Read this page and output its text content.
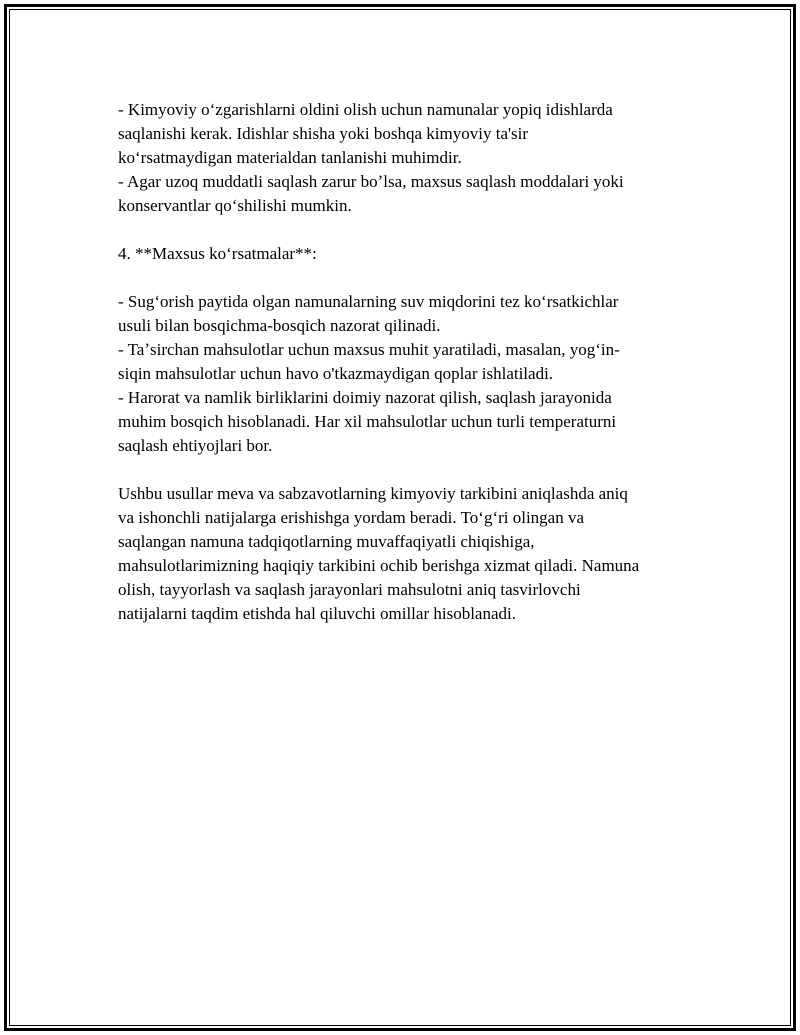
- Kimyoviy oʻzgarishlarni oldini olish uchun namunalar yopiq idishlarda
saqlanishi kerak. Idishlar shisha yoki boshqa kimyoviy ta'sir
koʻrsatmaydigan materialdan tanlanishi muhimdir.
- Agar uzoq muddatli saqlash zarur boʼlsa, maxsus saqlash moddalari yoki
konservantlar qoʻshilishi mumkin.
4. **Maxsus koʻrsatmalar**:
- Sugʻorish paytida olgan namunalarning suv miqdorini tez koʻrsatkichlar
usuli bilan bosqichma-bosqich nazorat qilinadi.
- Taʼsirchan mahsulotlar uchun maxsus muhit yaratiladi, masalan, yogʻin-
siqin mahsulotlar uchun havo o'tkazmaydigan qoplar ishlatiladi.
- Harorat va namlik birliklarini doimiy nazorat qilish, saqlash jarayonida
muhim bosqich hisoblanadi. Har xil mahsulotlar uchun turli temperaturni
saqlash ehtiyojlari bor.
Ushbu usullar meva va sabzavotlarning kimyoviy tarkibini aniqlashda aniq
va ishonchli natijalarga erishishga yordam beradi. Toʻgʻri olingan va
saqlangan namuna tadqiqotlarning muvaffaqiyatli chiqishiga,
mahsulotlarimizning haqiqiy tarkibini ochib berishga xizmat qiladi. Namuna
olish, tayyorlash va saqlash jarayonlari mahsulotni aniq tasvirlovchi
natijalarni taqdim etishda hal qiluvchi omillar hisoblanadi.
